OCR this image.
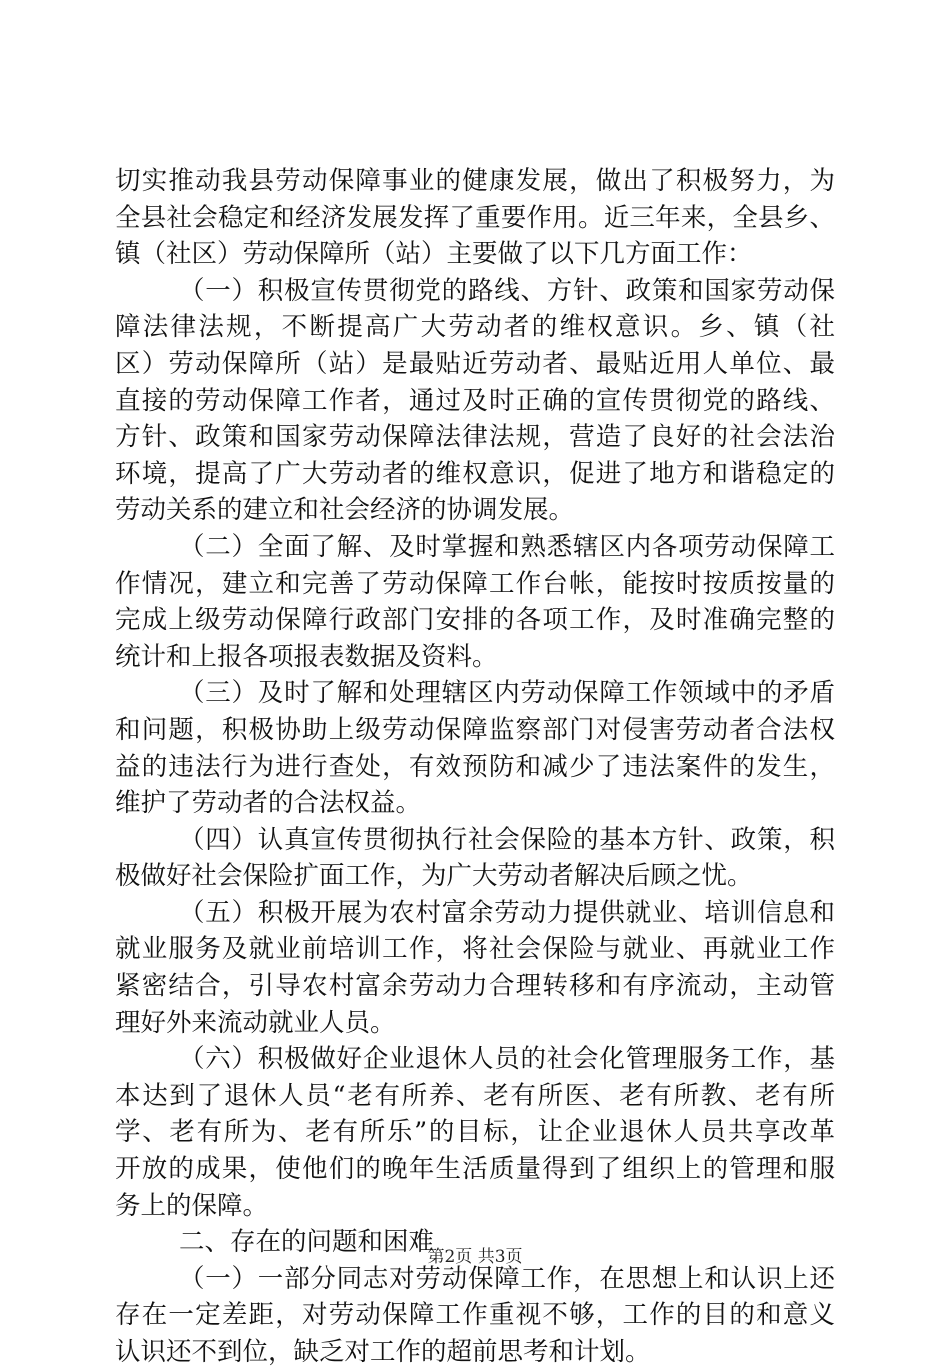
切实推动我县劳动保障事业的健康发展，做出了积极努力，为
全县社会稳定和经济发展发挥了重要作用。近三年来，全县乡、
镇（社区）劳动保障所（站）主要做了以下几方面工作：
（一）积极宣传贯彻党的路线、方针、政策和国家劳动保
障法律法规，不断提高广大劳动者的维权意识。乡、镇（社
区）劳动保障所（站）是最贴近劳动者、最贴近用人单位、最
直接的劳动保障工作者，通过及时正确的宣传贯彻党的路线、
方针、政策和国家劳动保障法律法规，营造了良好的社会法治
环境，提高了广大劳动者的维权意识，促进了地方和谐稳定的
劳动关系的建立和社会经济的协调发展。
（二）全面了解、及时掌握和熟悉辖区内各项劳动保障工
作情况，建立和完善了劳动保障工作台帐，能按时按质按量的
完成上级劳动保障行政部门安排的各项工作，及时准确完整的
统计和上报各项报表数据及资料。
（三）及时了解和处理辖区内劳动保障工作领域中的矛盾
和问题，积极协助上级劳动保障监察部门对侵害劳动者合法权
益的违法行为进行查处，有效预防和减少了违法案件的发生，
维护了劳动者的合法权益。
（四）认真宣传贯彻执行社会保险的基本方针、政策，积
极做好社会保险扩面工作，为广大劳动者解决后顾之忧。
（五）积极开展为农村富余劳动力提供就业、培训信息和
就业服务及就业前培训工作，将社会保险与就业、再就业工作
紧密结合，引导农村富余劳动力合理转移和有序流动，主动管
理好外来流动就业人员。
（六）积极做好企业退休人员的社会化管理服务工作，基
本达到了退休人员“老有所养、老有所医、老有所教、老有所
学、老有所为、老有所乐”的目标，让企业退休人员共享改革
开放的成果，使他们的晚年生活质量得到了组织上的管理和服
务上的保障。
二、存在的问题和困难
（一）一部分同志对劳动保障工作，在思想上和认识上还
存在一定差距，对劳动保障工作重视不够，工作的目的和意义
认识还不到位，缺乏对工作的超前思考和计划。
第2页 共3页
